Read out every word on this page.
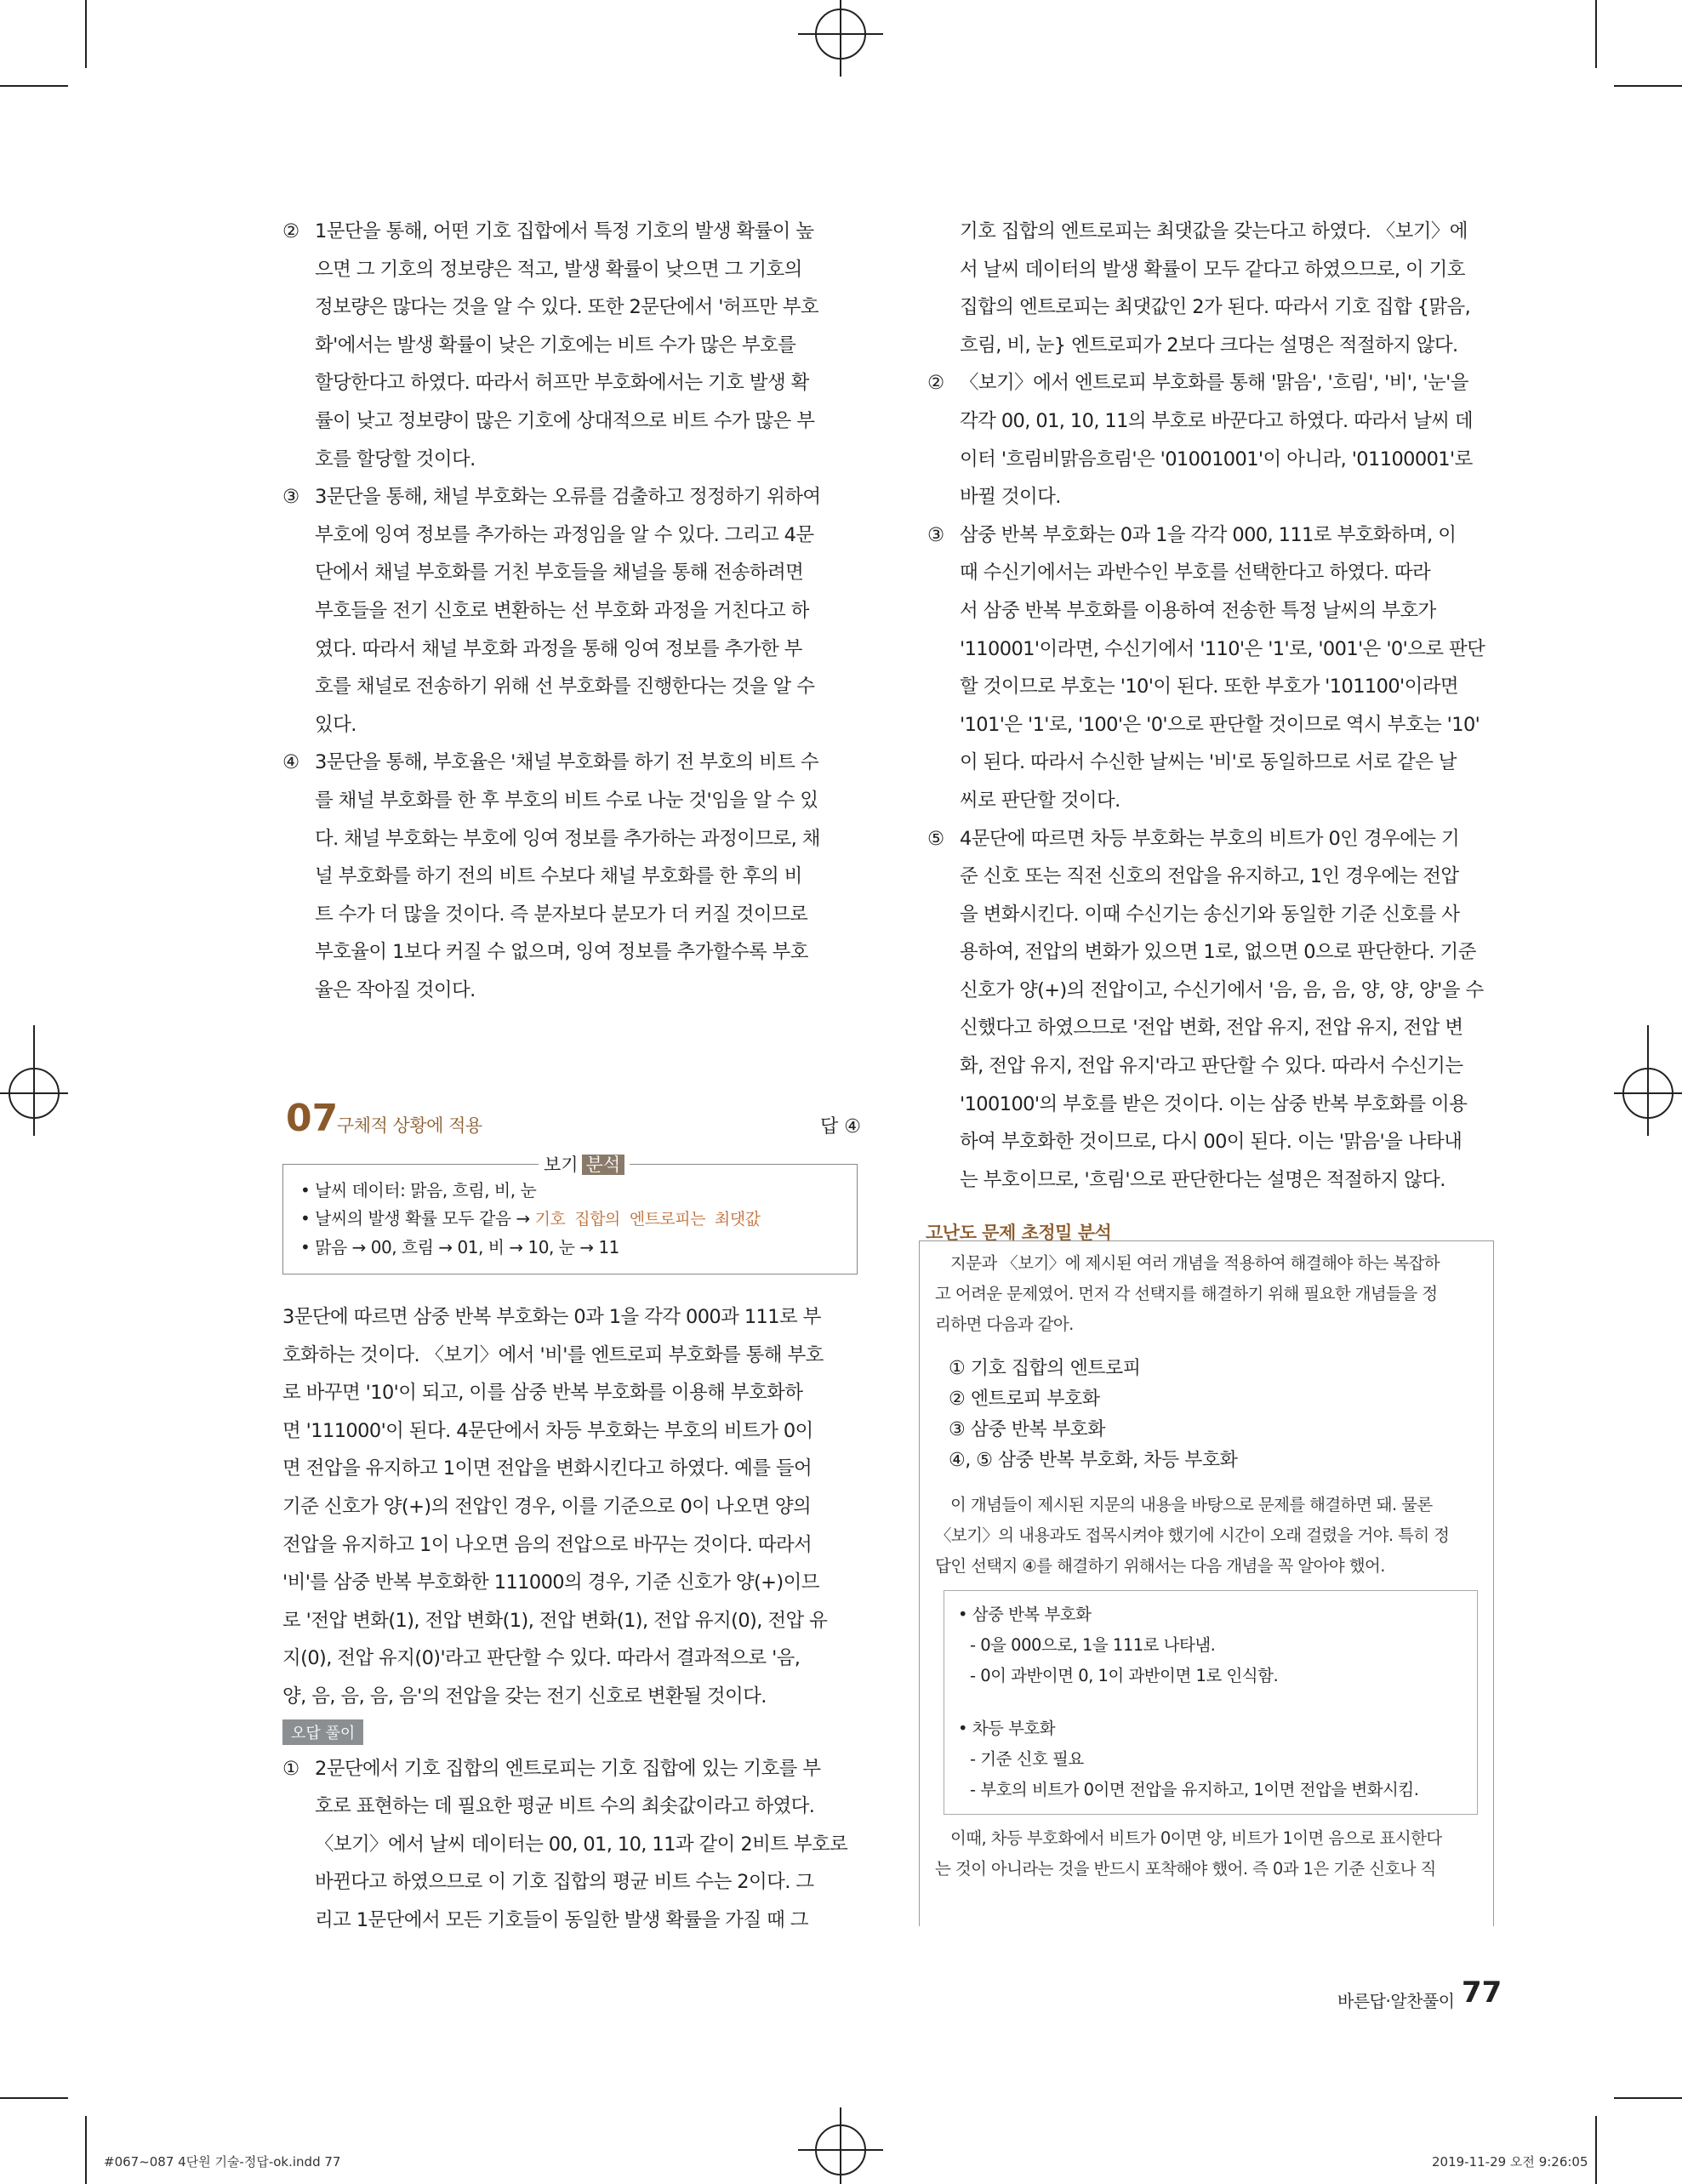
② 1문단을 통해, 어떤 기호 집합에서 특정 기호의 발생 확률이 높
으면 그 기호의 정보량은 적고, 발생 확률이 낮으면 그 기호의
정보량은 많다는 것을 알 수 있다. 또한 2문단에서 '허프만 부호
화'에서는 발생 확률이 낮은 기호에는 비트 수가 많은 부호를
할당한다고 하였다. 따라서 허프만 부호화에서는 기호 발생 확
률이 낮고 정보량이 많은 기호에 상대적으로 비트 수가 많은 부
호를 할당할 것이다.
③ 3문단을 통해, 채널 부호화는 오류를 검출하고 정정하기 위하여
부호에 잉여 정보를 추가하는 과정임을 알 수 있다. 그리고 4문
단에서 채널 부호화를 거친 부호들을 채널을 통해 전송하려면
부호들을 전기 신호로 변환하는 선 부호화 과정을 거친다고 하
였다. 따라서 채널 부호화 과정을 통해 잉여 정보를 추가한 부
호를 채널로 전송하기 위해 선 부호화를 진행한다는 것을 알 수
있다.
④ 3문단을 통해, 부호율은 '채널 부호화를 하기 전 부호의 비트 수
를 채널 부호화를 한 후 부호의 비트 수로 나눈 것'임을 알 수 있
다. 채널 부호화는 부호에 잉여 정보를 추가하는 과정이므로, 채
널 부호화를 하기 전의 비트 수보다 채널 부호화를 한 후의 비
트 수가 더 많을 것이다. 즉 분자보다 분모가 더 커질 것이므로
부호율이 1보다 커질 수 없으며, 잉여 정보를 추가할수록 부호
율은 작아질 것이다.
07
구체적 상황에 적용	답 ④
보기 분석
• 날씨 데이터: 맑음, 흐림, 비, 눈
• 날씨의 발생 확률 모두 같음 → 기호 집합의 엔트로피는 최댓값
• 맑음 → 00, 흐림 → 01, 비 → 10, 눈 → 11
3문단에 따르면 삼중 반복 부호화는 0과 1을 각각 000과 111로 부
호화하는 것이다. 〈보기〉에서 '비'를 엔트로피 부호화를 통해 부호
로 바꾸면 '10'이 되고, 이를 삼중 반복 부호화를 이용해 부호화하
면 '111000'이 된다. 4문단에서 차등 부호화는 부호의 비트가 0이
면 전압을 유지하고 1이면 전압을 변화시킨다고 하였다. 예를 들어
기준 신호가 양(+)의 전압인 경우, 이를 기준으로 0이 나오면 양의
전압을 유지하고 1이 나오면 음의 전압으로 바꾸는 것이다. 따라서
'비'를 삼중 반복 부호화한 111000의 경우, 기준 신호가 양(+)이므
로 '전압 변화(1), 전압 변화(1), 전압 변화(1), 전압 유지(0), 전압 유
지(0), 전압 유지(0)'라고 판단할 수 있다. 따라서 결과적으로 '음,
양, 음, 음, 음, 음'의 전압을 갖는 전기 신호로 변환될 것이다.
오답 풀이
① 2문단에서 기호 집합의 엔트로피는 기호 집합에 있는 기호를 부
호로 표현하는 데 필요한 평균 비트 수의 최솟값이라고 하였다.
〈보기〉에서 날씨 데이터는 00, 01, 10, 11과 같이 2비트 부호로
바뀐다고 하였으므로 이 기호 집합의 평균 비트 수는 2이다. 그
리고 1문단에서 모든 기호들이 동일한 발생 확률을 가질 때 그
기호 집합의 엔트로피는 최댓값을 갖는다고 하였다. 〈보기〉에
서 날씨 데이터의 발생 확률이 모두 같다고 하였으므로, 이 기호
집합의 엔트로피는 최댓값인 2가 된다. 따라서 기호 집합 {맑음,
흐림, 비, 눈} 엔트로피가 2보다 크다는 설명은 적절하지 않다.
② 〈보기〉에서 엔트로피 부호화를 통해 '맑음', '흐림', '비', '눈'을
각각 00, 01, 10, 11의 부호로 바꾼다고 하였다. 따라서 날씨 데
이터 '흐림비맑음흐림'은 '01001001'이 아니라, '01100001'로
바뀔 것이다.
③ 삼중 반복 부호화는 0과 1을 각각 000, 111로 부호화하며, 이
때 수신기에서는 과반수인 부호를 선택한다고 하였다. 따라
서 삼중 반복 부호화를 이용하여 전송한 특정 날씨의 부호가
'110001'이라면, 수신기에서 '110'은 '1'로, '001'은 '0'으로 판단
할 것이므로 부호는 '10'이 된다. 또한 부호가 '101100'이라면
'101'은 '1'로, '100'은 '0'으로 판단할 것이므로 역시 부호는 '10'
이 된다. 따라서 수신한 날씨는 '비'로 동일하므로 서로 같은 날
씨로 판단할 것이다.
⑤ 4문단에 따르면 차등 부호화는 부호의 비트가 0인 경우에는 기
준 신호 또는 직전 신호의 전압을 유지하고, 1인 경우에는 전압
을 변화시킨다. 이때 수신기는 송신기와 동일한 기준 신호를 사
용하여, 전압의 변화가 있으면 1로, 없으면 0으로 판단한다. 기준
신호가 양(+)의 전압이고, 수신기에서 '음, 음, 음, 양, 양, 양'을 수
신했다고 하였으므로 '전압 변화, 전압 유지, 전압 유지, 전압 변
화, 전압 유지, 전압 유지'라고 판단할 수 있다. 따라서 수신기는
'100100'의 부호를 받은 것이다. 이는 삼중 반복 부호화를 이용
하여 부호화한 것이므로, 다시 00이 된다. 이는 '맑음'을 나타내
는 부호이므로, '흐림'으로 판단한다는 설명은 적절하지 않다.
고난도 문제 초정밀 분석
지문과 〈보기〉에 제시된 여러 개념을 적용하여 해결해야 하는 복잡하
고 어려운 문제였어. 먼저 각 선택지를 해결하기 위해 필요한 개념들을 정
리하면 다음과 같아.
① 기호 집합의 엔트로피
② 엔트로피 부호화
③ 삼중 반복 부호화
④, ⑤ 삼중 반복 부호화, 차등 부호화
이 개념들이 제시된 지문의 내용을 바탕으로 문제를 해결하면 돼. 물론
〈보기〉의 내용과도 접목시켜야 했기에 시간이 오래 걸렸을 거야. 특히 정
답인 선택지 ④를 해결하기 위해서는 다음 개념을 꼭 알아야 했어.
• 삼중 반복 부호화
- 0을 000으로, 1을 111로 나타냄.
- 0이 과반이면 0, 1이 과반이면 1로 인식함.
• 차등 부호화
- 기준 신호 필요
- 부호의 비트가 0이면 전압을 유지하고, 1이면 전압을 변화시킴.
이때, 차등 부호화에서 비트가 0이면 양, 비트가 1이면 음으로 표시한다
는 것이 아니라는 것을 반드시 포착해야 했어. 즉 0과 1은 기준 신호나 직
바른답·알찬풀이 77
#067~087 4단원 기술-정답-ok.indd 77	2019-11-29 오전 9:26:05
